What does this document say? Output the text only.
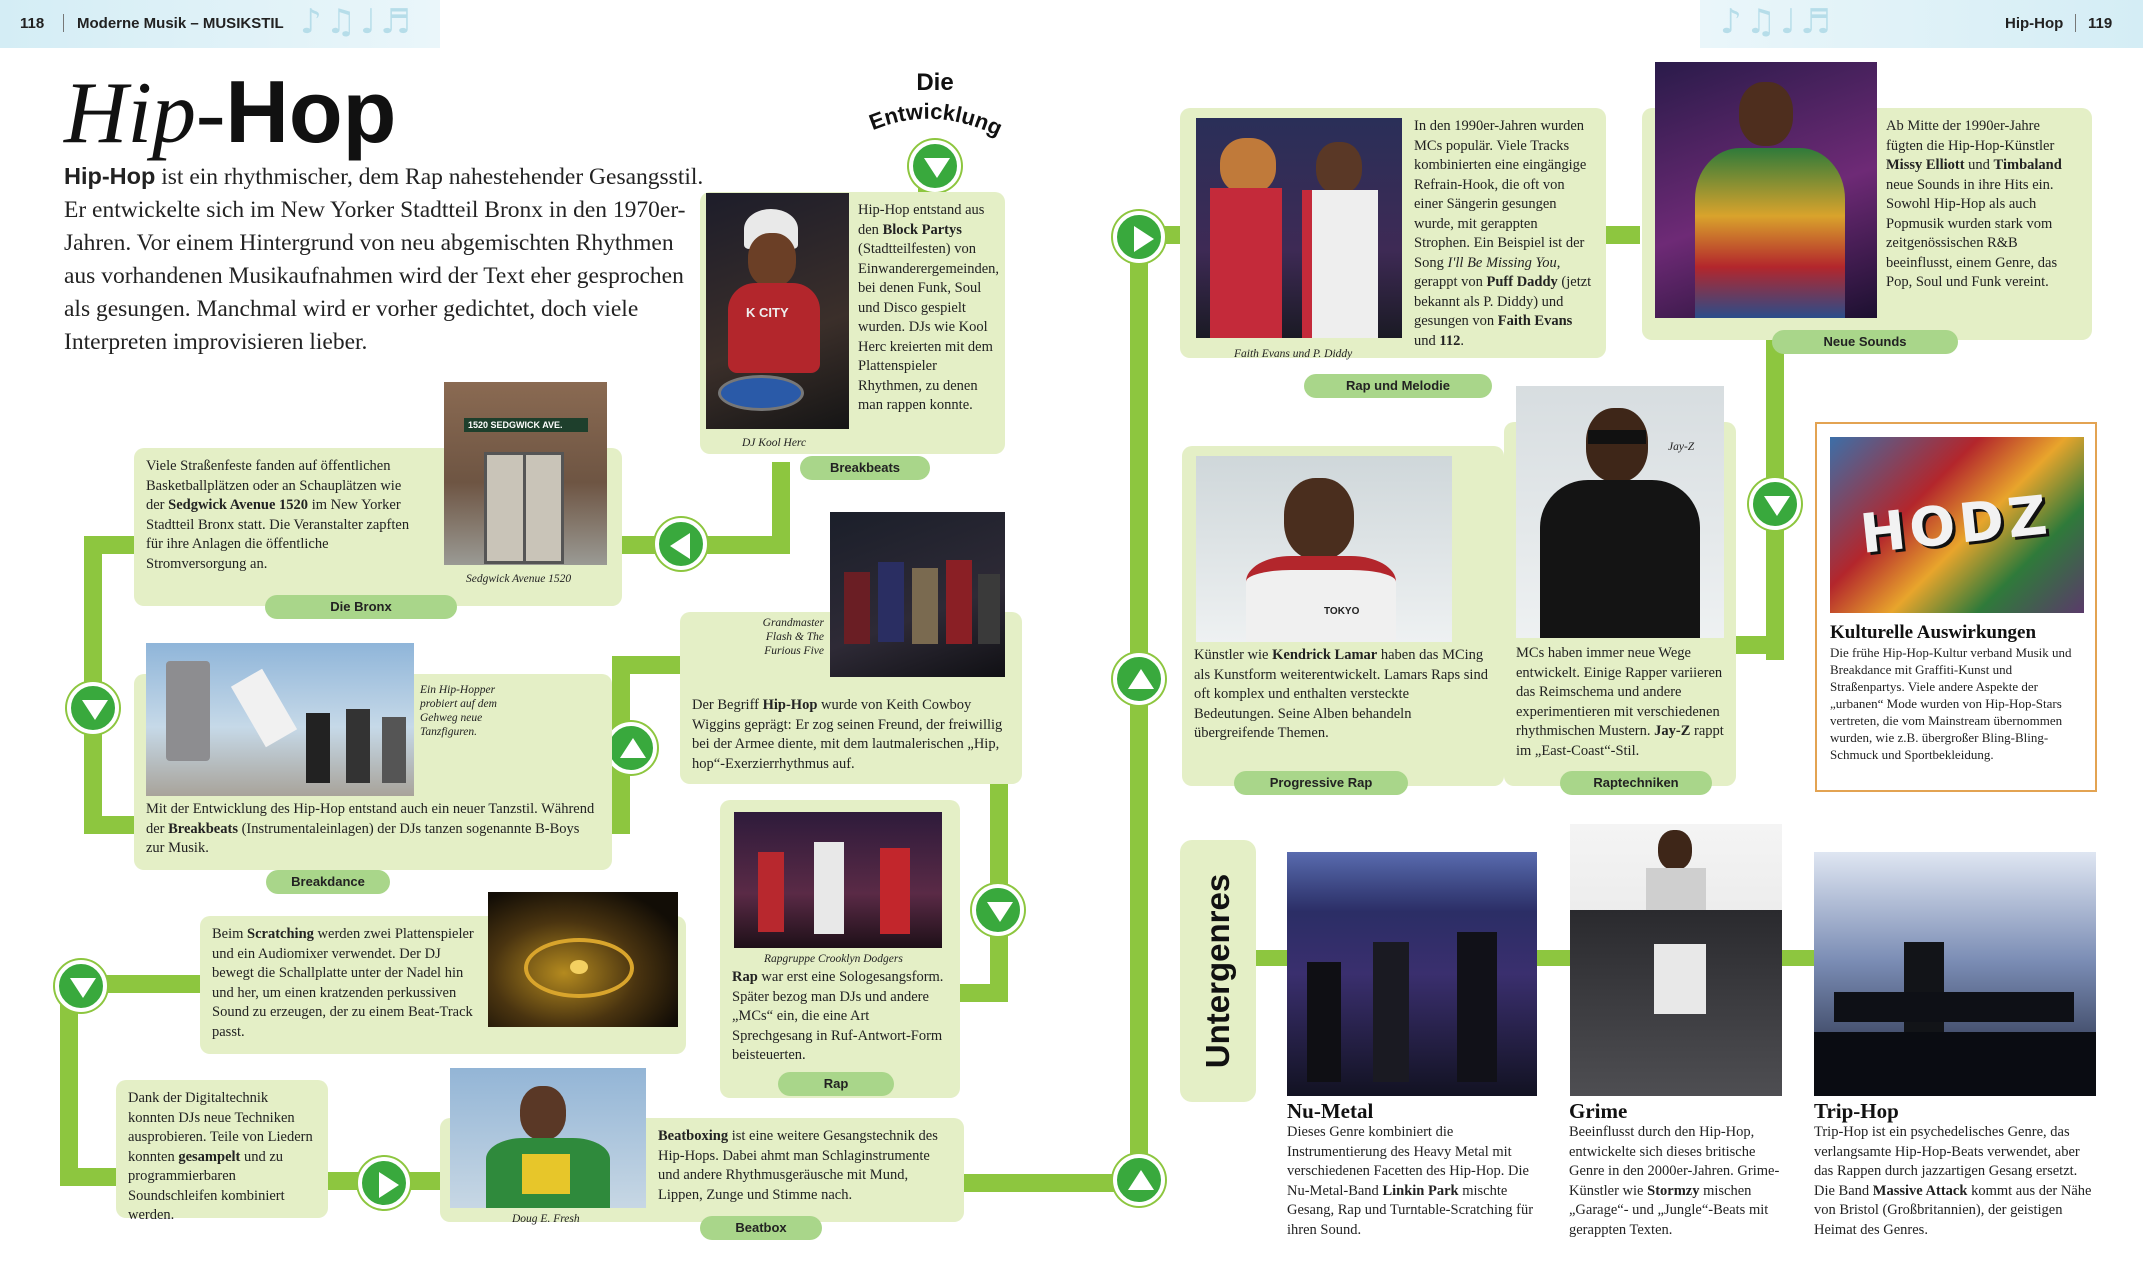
118 Moderne Musik – MUSIKSTIL ♪♫♩♬	♪♫♩♬	Hip-Hop 119
Hip-Hop
Hip-Hop ist ein rhythmischer, dem Rap nahestehender Gesangsstil. Er entwickelte sich im New Yorker Stadtteil Bronx in den 1970er-Jahren. Vor einem Hintergrund von neu abgemischten Rhythmen aus vorhandenen Musikaufnahmen wird der Text eher gesprochen als gesungen. Manchmal wird er vorher gedichtet, doch viele Interpreten improvisieren lieber.
Die
Entwicklung
Hip-Hop entstand aus den Block Partys (Stadtteilfesten) von Einwanderergemeinden, bei denen Funk, Soul und Disco gespielt wurden. DJs wie Kool Herc kreierten mit dem Plattenspieler Rhythmen, zu denen man rappen konnte.
K CITY
DJ Kool Herc
Breakbeats
Viele Straßenfeste fanden auf öffentlichen Basketballplätzen oder an Schauplätzen wie der Sedgwick Avenue 1520 im New Yorker Stadtteil Bronx statt. Die Veranstalter zapften für ihre Anlagen die öffentliche Stromversorgung an.
1520 SEDGWICK AVE.
Sedgwick Avenue 1520
Die Bronx
Mit der Entwicklung des Hip-Hop entstand auch ein neuer Tanzstil. Während der Breakbeats (Instrumentaleinlagen) der DJs tanzen sogenannte B-Boys zur Musik.
Ein Hip-Hopper probiert auf dem Gehweg neue Tanzfiguren.
Breakdance
Der Begriff Hip-Hop wurde von Keith Cowboy Wiggins geprägt: Er zog seinen Freund, der freiwillig bei der Armee diente, mit dem lautmalerischen „Hip, hop“-Exerzierrhythmus auf.
Grandmaster Flash & The Furious Five
Beim Scratching werden zwei Plattenspieler und ein Audiomixer verwendet. Der DJ bewegt die Schallplatte unter der Nadel hin und her, um einen kratzenden perkussiven Sound zu erzeugen, der zu einem Beat-Track passt.
Rap war erst eine Sologesangsform. Später bezog man DJs und andere „MCs“ ein, die eine Art Sprechgesang in Ruf-Antwort-Form beisteuerten.
Rapgruppe Crooklyn Dodgers
Rap
Dank der Digitaltechnik konnten DJs neue Techniken ausprobieren. Teile von Liedern konnten gesampelt und zu programmierbaren Soundschleifen kombiniert werden.
Beatboxing ist eine weitere Gesangstechnik des Hip-Hops. Dabei ahmt man Schlaginstrumente und andere Rhythmusgeräusche mit Mund, Lippen, Zunge und Stimme nach.
Doug E. Fresh
Beatbox
In den 1990er-Jahren wurden MCs populär. Viele Tracks kombinierten eine eingängige Refrain-Hook, die oft von einer Sängerin gesungen wurde, mit gerappten Strophen. Ein Beispiel ist der Song I'll Be Missing You, gerappt von Puff Daddy (jetzt bekannt als P. Diddy) und gesungen von Faith Evans und 112.
Faith Evans und P. Diddy
Rap und Melodie
Ab Mitte der 1990er-Jahre fügten die Hip-Hop-Künstler Missy Elliott und Timbaland neue Sounds in ihre Hits ein. Sowohl Hip-Hop als auch Popmusik wurden stark vom zeitgenössischen R&B beeinflusst, einem Genre, das Pop, Soul und Funk vereint.
Neue Sounds
Künstler wie Kendrick Lamar haben das MCing als Kunstform weiterentwickelt. Lamars Raps sind oft komplex und enthalten versteckte Bedeutungen. Seine Alben behandeln übergreifende Themen.
TOKYO
Progressive Rap
MCs haben immer neue Wege entwickelt. Einige Rapper variieren das Reimschema und andere experimentieren mit verschiedenen rhythmischen Mustern. Jay-Z rappt im „East-Coast“-Stil.
Jay-Z
Raptechniken
HODZ
Kulturelle Auswirkungen
Die frühe Hip-Hop-Kultur verband Musik und Breakdance mit Graffiti-Kunst und Straßenpartys. Viele andere Aspekte der „urbanen“ Mode wurden von Hip-Hop-Stars vertreten, die vom Mainstream übernommen wurden, wie z.B. übergroßer Bling-Bling-Schmuck und Sportbekleidung.
Untergenres
Nu-Metal
Dieses Genre kombiniert die Instrumentierung des Heavy Metal mit verschiedenen Facetten des Hip-Hop. Die Nu-Metal-Band Linkin Park mischte Gesang, Rap und Turntable-Scratching für ihren Sound.
Grime
Beeinflusst durch den Hip-Hop, entwickelte sich dieses britische Genre in den 2000er-Jahren. Grime-Künstler wie Stormzy mischen „Garage“- und „Jungle“-Beats mit gerappten Texten.
Trip-Hop
Trip-Hop ist ein psychedelisches Genre, das verlangsamte Hip-Hop-Beats verwendet, aber das Rappen durch jazzartigen Gesang ersetzt. Die Band Massive Attack kommt aus der Nähe von Bristol (Großbritannien), der geistigen Heimat des Genres.
